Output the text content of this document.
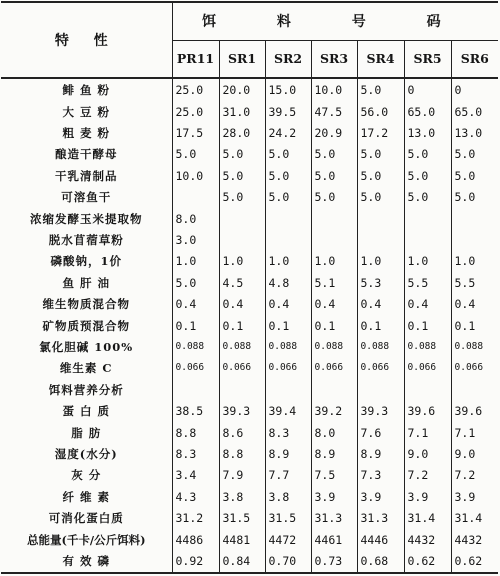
特 性	饵 料 号 码						
	PR11	SR1	SR2	SR3	SR4	SR5	SR6
鲱 鱼 粉	25.0	20.0	15.0	10.0	5.0	0	0
大 豆 粉	25.0	31.0	39.5	47.5	56.0	65.0	65.0
粗 麦 粉	17.5	28.0	24.2	20.9	17.2	13.0	13.0
酿造干酵母	5.0	5.0	5.0	5.0	5.0	5.0	5.0
干乳清制品	10.0	5.0	5.0	5.0	5.0	5.0	5.0
可溶鱼干		5.0	5.0	5.0	5.0	5.0	5.0
浓缩发酵玉米提取物	8.0						
脱水苜蓿草粉	3.0						
磷酸钠，1价	1.0	1.0	1.0	1.0	1.0	1.0	1.0
鱼 肝 油	5.0	4.5	4.8	5.1	5.3	5.5	5.5
维生物质混合物	0.4	0.4	0.4	0.4	0.4	0.4	0.4
矿物质预混合物	0.1	0.1	0.1	0.1	0.1	0.1	0.1
氯化胆碱 100%	0.088	0.088	0.088	0.088	0.088	0.088	0.088
维生素 C	0.066	0.066	0.066	0.066	0.066	0.066	0.066
饵料营养分析							
蛋 白 质	38.5	39.3	39.4	39.2	39.3	39.6	39.6
脂 肪	8.8	8.6	8.3	8.0	7.6	7.1	7.1
湿度(水分)	8.3	8.8	8.9	8.9	8.9	9.0	9.0
灰 分	3.4	7.9	7.7	7.5	7.3	7.2	7.2
纤 维 素	4.3	3.8	3.8	3.9	3.9	3.9	3.9
可消化蛋白质	31.2	31.5	31.5	31.3	31.3	31.4	31.4
总能量(千卡/公斤饵料)	4486	4481	4472	4461	4446	4432	4432
有 效 磷	0.92	0.84	0.70	0.73	0.68	0.62	0.62
